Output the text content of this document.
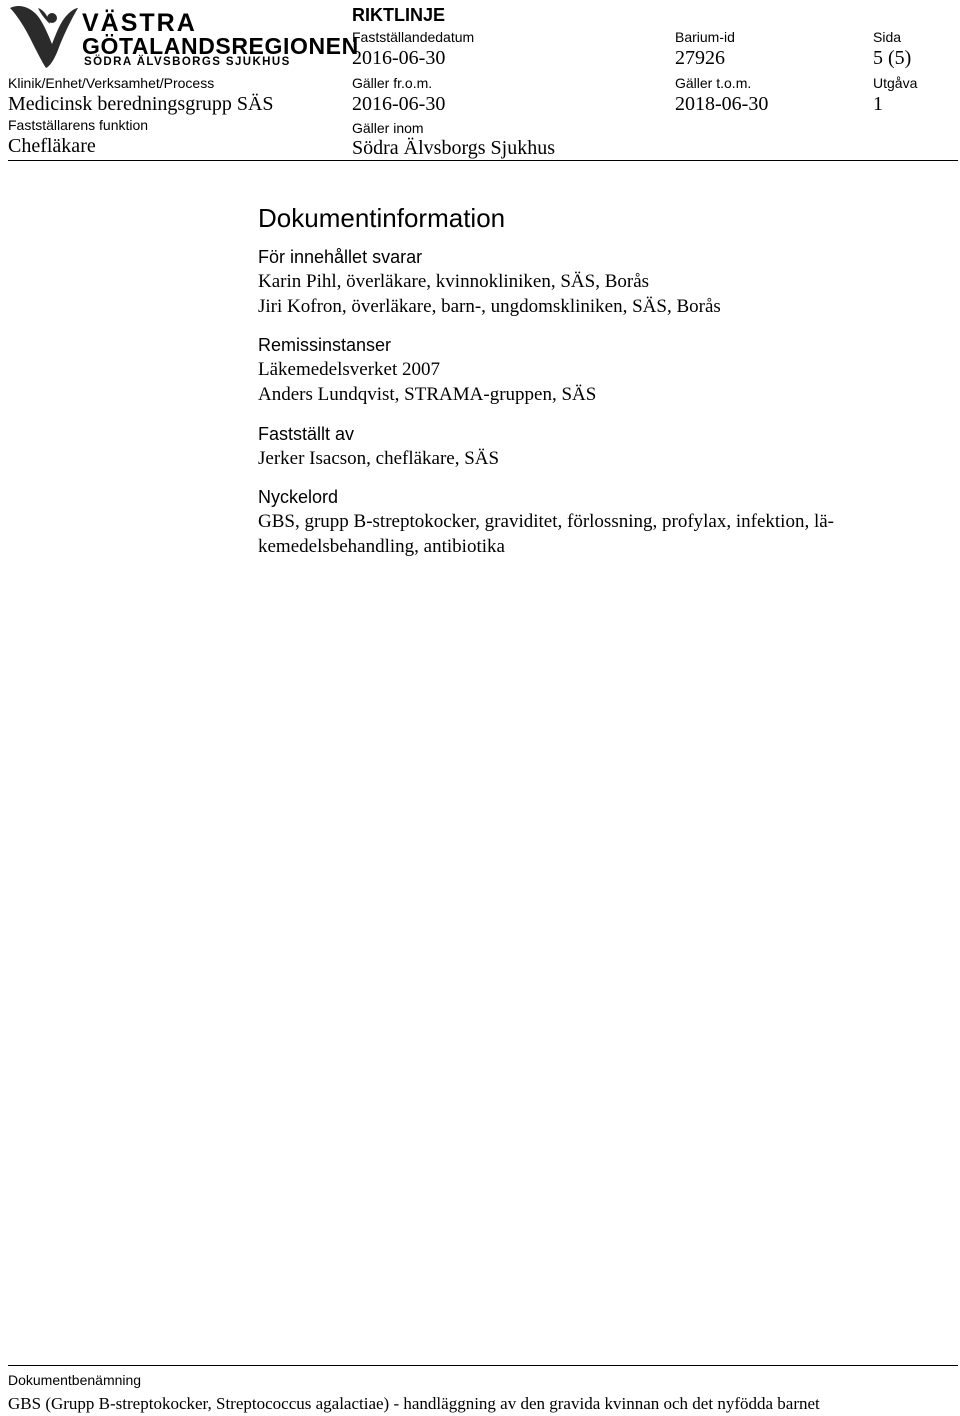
VÄSTRA
GÖTALANDSREGIONEN
SÖDRA ÄLVSBORGS SJUKHUS
RIKTLINJE
Fastställandedatum
2016-06-30
Barium-id
27926
Sida
5 (5)
Klinik/Enhet/Verksamhet/Process
Medicinsk beredningsgrupp SÄS
Gäller fr.o.m.
2016-06-30
Gäller t.o.m.
2018-06-30
Utgåva
1
Fastställarens funktion
Chefläkare
Gäller inom
Södra Älvsborgs Sjukhus
Dokumentinformation
För innehållet svarar
Karin Pihl, överläkare, kvinnokliniken, SÄS, Borås
Jiri Kofron, överläkare, barn-, ungdomskliniken, SÄS, Borås
Remissinstanser
Läkemedelsverket 2007
Anders Lundqvist, STRAMA-gruppen, SÄS
Fastställt av
Jerker Isacson, chefläkare, SÄS
Nyckelord
GBS, grupp B-streptokocker, graviditet, förlossning, profylax, infektion, lä-
kemedelsbehandling, antibiotika
Dokumentbenämning
GBS (Grupp B-streptokocker, Streptococcus agalactiae) - handläggning av den gravida kvinnan och det nyfödda barnet
